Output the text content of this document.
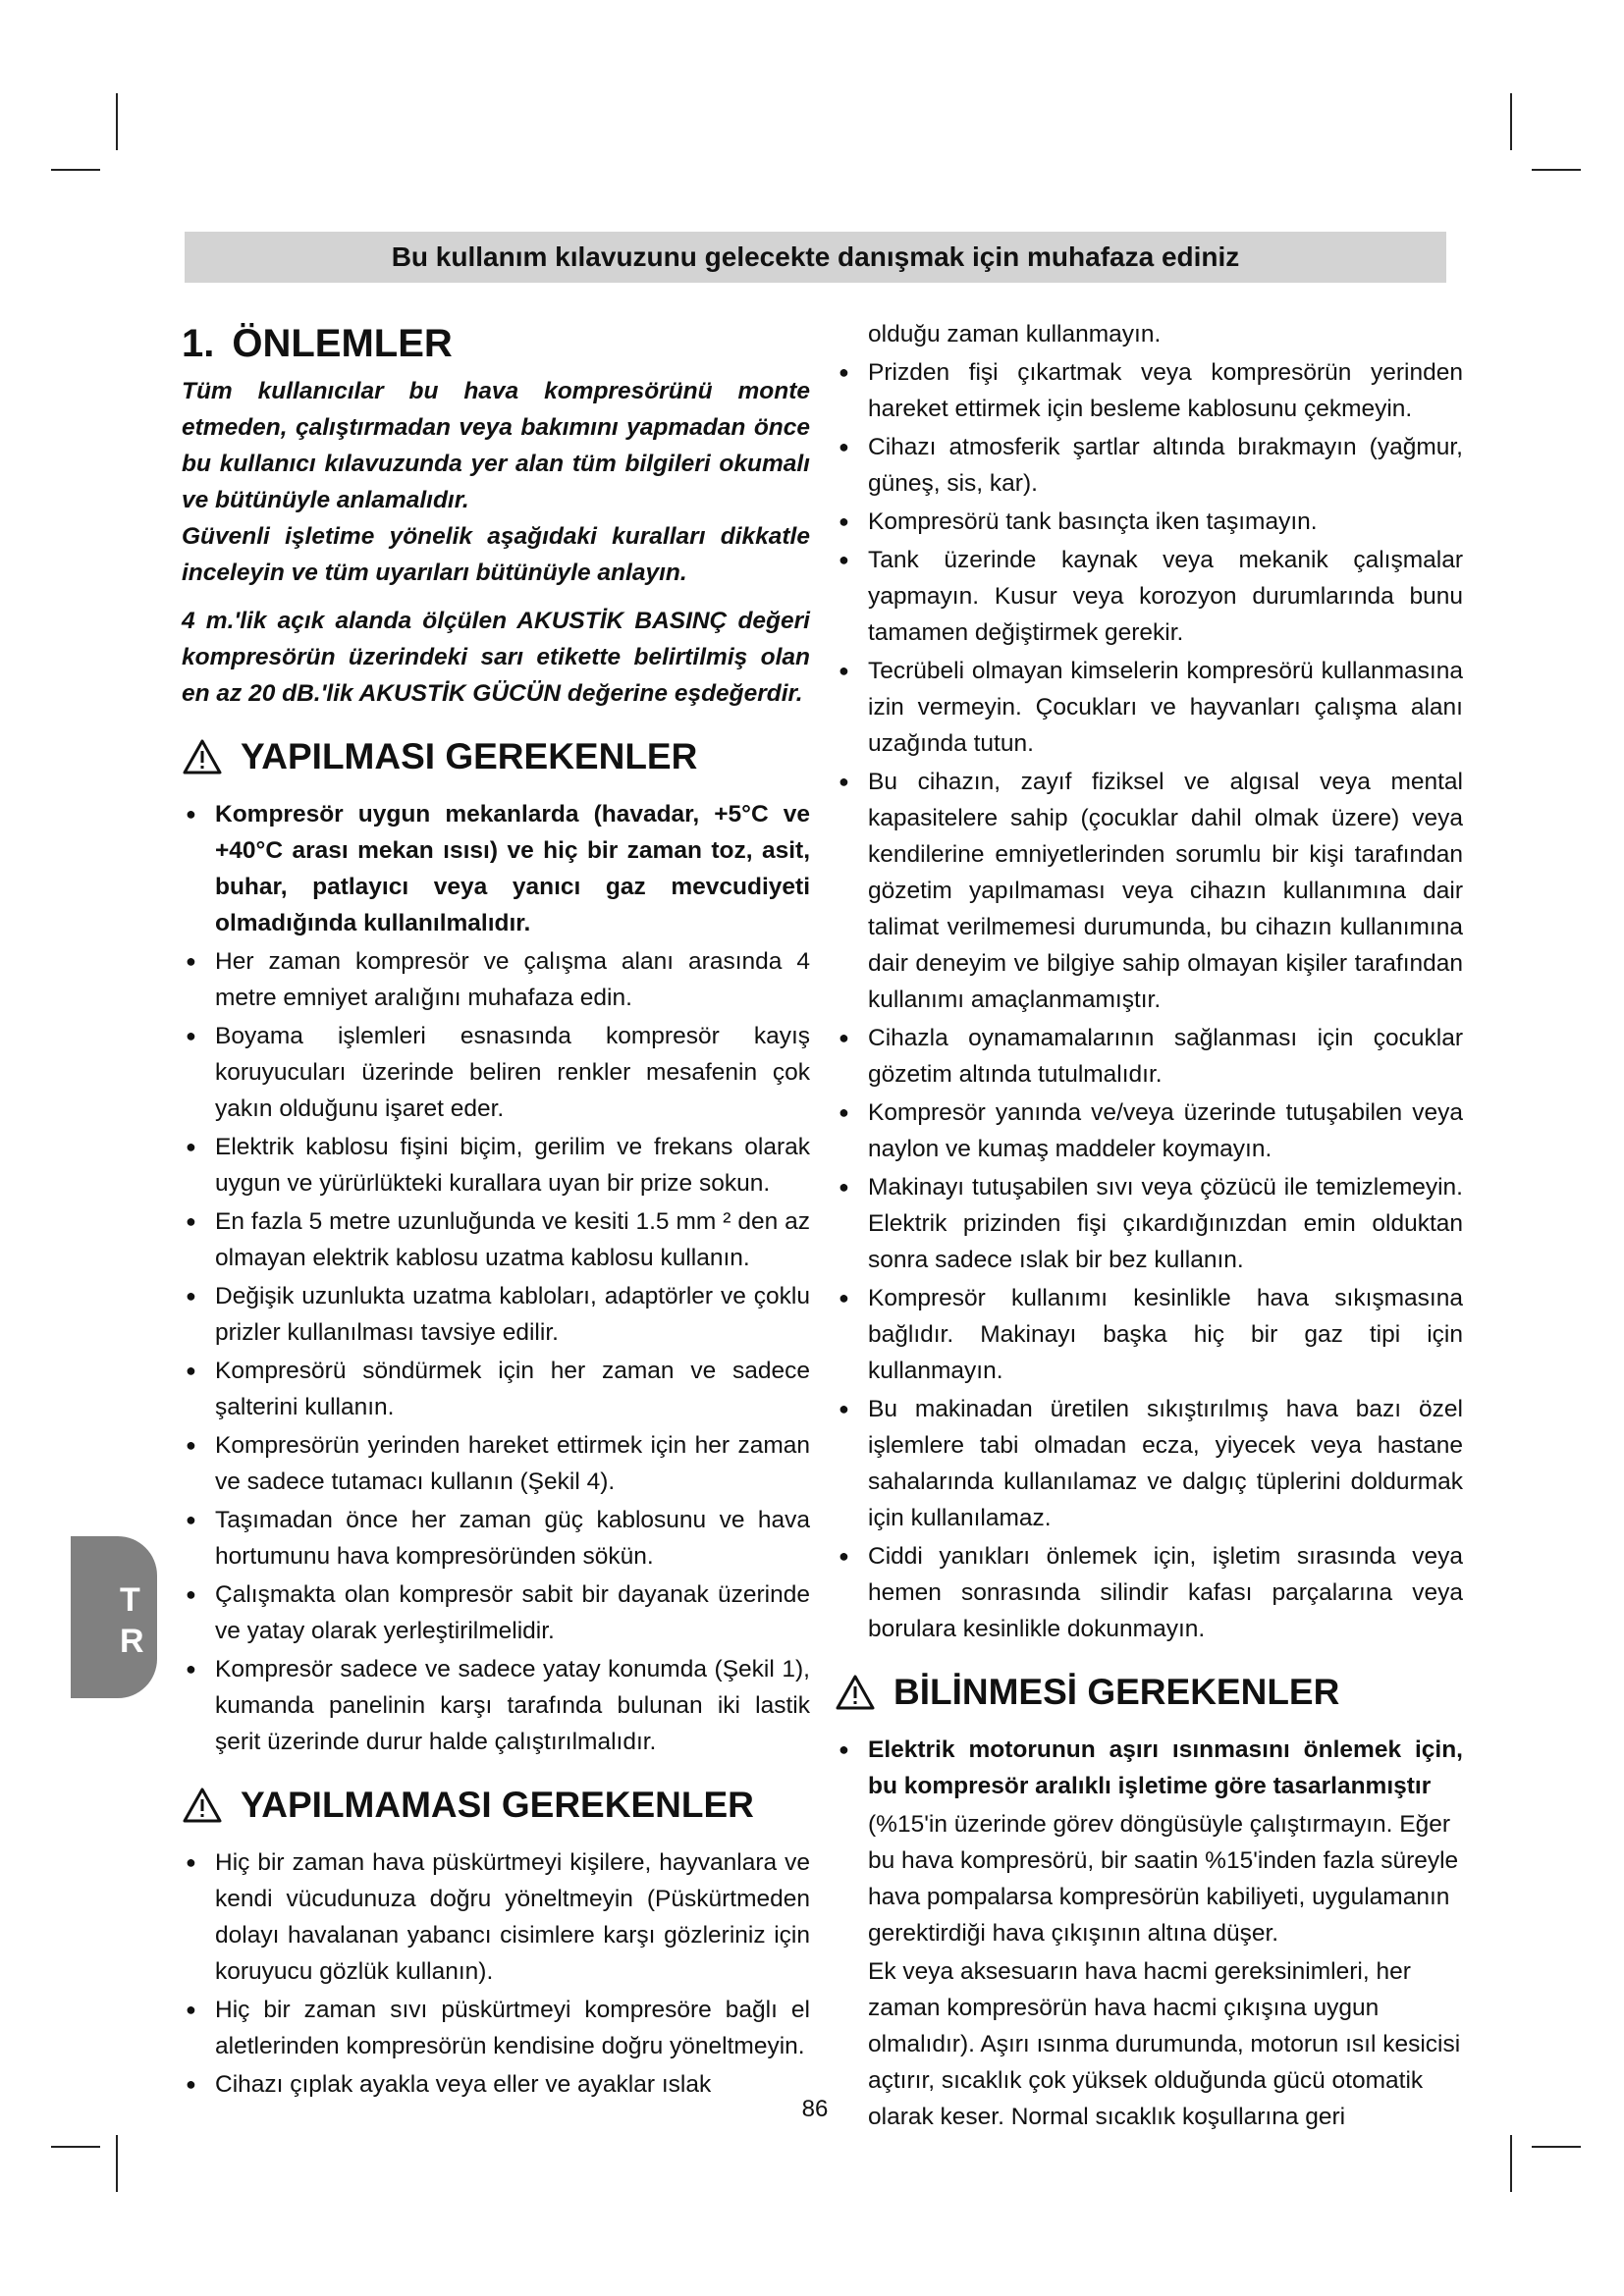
Bu kullanım kılavuzunu gelecekte danışmak için muhafaza ediniz
1. ÖNLEMLER

Tüm kullanıcılar bu hava kompresörünü monte etmeden, çalıştırmadan veya bakımını yapmadan önce bu kullanıcı kılavuzunda yer alan tüm bilgileri okumalı ve bütünüyle anlamalıdır.

Güvenli işletime yönelik aşağıdaki kuralları dikkatle inceleyin ve tüm uyarıları bütünüyle anlayın.

4 m.'lik açık alanda ölçülen AKUSTİK BASINÇ değeri kompresörün üzerindeki sarı etikette belirtilmiş olan en az 20 dB.'lik AKUSTİK GÜCÜN değerine eşdeğerdir.

YAPILMASI GEREKENLER
● Kompresör uygun mekanlarda (havadar, +5°C ve +40°C arası mekan ısısı) ve hiç bir zaman toz, asit, buhar, patlayıcı veya yanıcı gaz mevcudiyeti olmadığında kullanılmalıdır.
● Her zaman kompresör ve çalışma alanı arasında 4 metre emniyet aralığını muhafaza edin.
● Boyama işlemleri esnasında kompresör kayış koruyucuları üzerinde beliren renkler mesafenin çok yakın olduğunu işaret eder.
● Elektrik kablosu fişini biçim, gerilim ve frekans olarak uygun ve yürürlükteki kurallara uyan bir prize sokun.
● En fazla 5 metre uzunluğunda ve kesiti 1.5 mm ² den az olmayan elektrik kablosu uzatma kablosu kullanın.
● Değişik uzunlukta uzatma kabloları, adaptörler ve çoklu prizler kullanılması tavsiye edilir.
● Kompresörü söndürmek için her zaman ve sadece şalterini kullanın.
● Kompresörün yerinden hareket ettirmek için her zaman ve sadece tutamacı kullanın (Şekil 4).
● Taşımadan önce her zaman güç kablosunu ve hava hortumunu hava kompresöründen sökün.
● Çalışmakta olan kompresör sabit bir dayanak üzerinde ve yatay olarak yerleştirilmelidir.
● Kompresör sadece ve sadece yatay konumda (Şekil 1), kumanda panelinin karşı tarafında bulunan iki lastik şerit üzerinde durur halde çalıştırılmalıdır.
YAPILMAMASI GEREKENLER
● Hiç bir zaman hava püskürtmeyi kişilere, hayvanlara ve kendi vücudunuza doğru yöneltmeyin (Püskürtmeden dolayı havalanan yabancı cisimlere karşı gözleriniz için koruyucu gözlük kullanın).
● Hiç bir zaman sıvı püskürtmeyi kompresöre bağlı el aletlerinden kompresörün kendisine doğru yöneltmeyin.
● Cihazı çıplak ayakla veya eller ve ayaklar ıslak
olduğu zaman kullanmayın.
● Prizden fişi çıkartmak veya kompresörün yerinden hareket ettirmek için besleme kablosunu çekmeyin.
● Cihazı atmosferik şartlar altında bırakmayın (yağmur, güneş, sis, kar).
● Kompresörü tank basınçta iken taşımayın.
● Tank üzerinde kaynak veya mekanik çalışmalar yapmayın. Kusur veya korozyon durumlarında bunu tamamen değiştirmek gerekir.
● Tecrübeli olmayan kimselerin kompresörü kullanmasına izin vermeyin. Çocukları ve hayvanları çalışma alanı uzağında tutun.
● Bu cihazın, zayıf fiziksel ve algısal veya mental kapasitelere sahip (çocuklar dahil olmak üzere) veya kendilerine emniyetlerinden sorumlu bir kişi tarafından gözetim yapılmaması veya cihazın kullanımına dair talimat verilmemesi durumunda, bu cihazın kullanımına dair deneyim ve bilgiye sahip olmayan kişiler tarafından kullanımı amaçlanmamıştır.
● Cihazla oynamamalarının sağlanması için çocuklar gözetim altında tutulmalıdır.
● Kompresör yanında ve/veya üzerinde tutuşabilen veya naylon ve kumaş maddeler koymayın.
● Makinayı tutuşabilen sıvı veya çözücü ile temizlemeyin. Elektrik prizinden fişi çıkardığınızdan emin olduktan sonra sadece ıslak bir bez kullanın.
● Kompresör kullanımı kesinlikle hava sıkışmasına bağlıdır. Makinayı başka hiç bir gaz tipi için kullanmayın.
● Bu makinadan üretilen sıkıştırılmış hava bazı özel işlemlere tabi olmadan ecza, yiyecek veya hastane sahalarında kullanılamaz ve dalgıç tüplerini doldurmak için kullanılamaz.
● Ciddi yanıkları önlemek için, işletim sırasında veya hemen sonrasında silindir kafası parçalarına veya borulara kesinlikle dokunmayın.
BİLİNMESİ GEREKENLER
● Elektrik motorunun aşırı ısınmasını önlemek için, bu kompresör aralıklı işletime göre tasarlanmıştır
(%15'in üzerinde görev döngüsüyle çalıştırmayın. Eğer bu hava kompresörü, bir saatin %15'inden fazla süreyle hava pompalarsa kompresörün kabiliyeti, uygulamanın gerektirdiği hava çıkışının altına düşer.
Ek veya aksesuarın hava hacmi gereksinimleri, her zaman kompresörün hava hacmi çıkışına uygun olmalıdır). Aşırı ısınma durumunda, motorun ısıl kesicisi açtırır, sıcaklık çok yüksek olduğunda gücü otomatik olarak keser. Normal sıcaklık koşullarına geri
T
R
86
